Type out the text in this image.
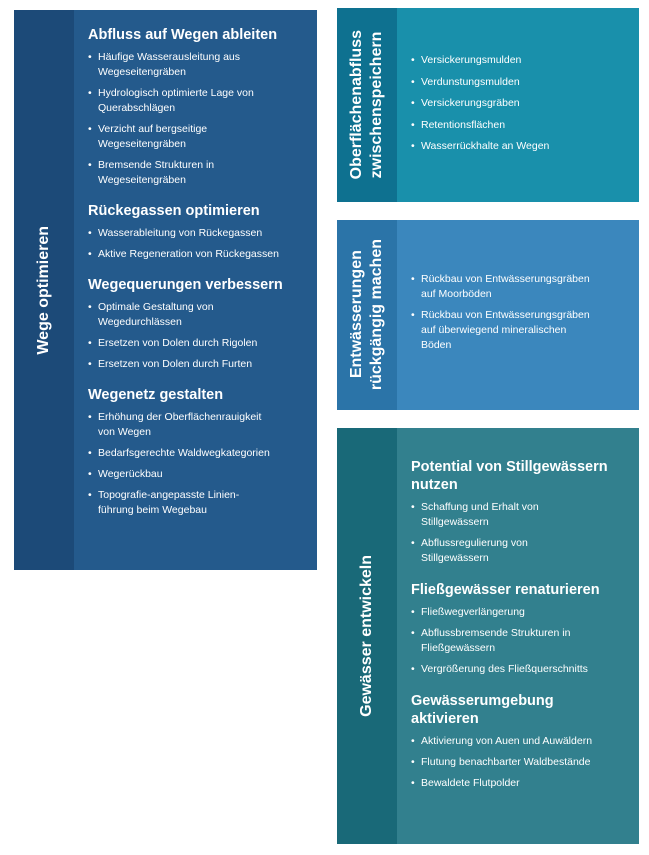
Wege optimieren
Abfluss auf Wegen ableiten
• Häufige Wasserausleitung aus
Wegeseitengräben
• Hydrologisch optimierte Lage von
Querabschlägen
• Verzicht auf bergseitige
Wegeseitengräben
• Bremsende Strukturen in
Wegeseitengräben
Rückegassen optimieren
• Wasserableitung von Rückegassen
• Aktive Regeneration von Rückegassen
Wegequerungen verbessern
• Optimale Gestaltung von
Wegedurchlässen
• Ersetzen von Dolen durch Rigolen
• Ersetzen von Dolen durch Furten
Wegenetz gestalten
• Erhöhung der Oberflächenrauigkeit
von Wegen
• Bedarfsgerechte Waldwegkategorien
• Wegerückbau
• Topografie-angepasste Linien-
führung beim Wegebau
Oberflächenabfluss zwischenspeichern	• Versickerungsmulden
• Verdunstungsmulden
• Versickerungsgräben
• Retentionsflächen
• Wasserrückhalte an Wegen
Entwässerungen rückgängig machen	• Rückbau von Entwässerungsgräben
auf Moorböden
• Rückbau von Entwässerungsgräben
auf überwiegend mineralischen
Böden
Gewässer entwickeln
Potential von Stillgewässern
nutzen
• Schaffung und Erhalt von
Stillgewässern
• Abflussregulierung von
Stillgewässern
Fließgewässer renaturieren
• Fließwegverlängerung
• Abflussbremsende Strukturen in
Fließgewässern
• Vergrößerung des Fließquerschnitts
Gewässerumgebung
aktivieren
• Aktivierung von Auen und Auwäldern
• Flutung benachbarter Waldbestände
• Bewaldete Flutpolder
